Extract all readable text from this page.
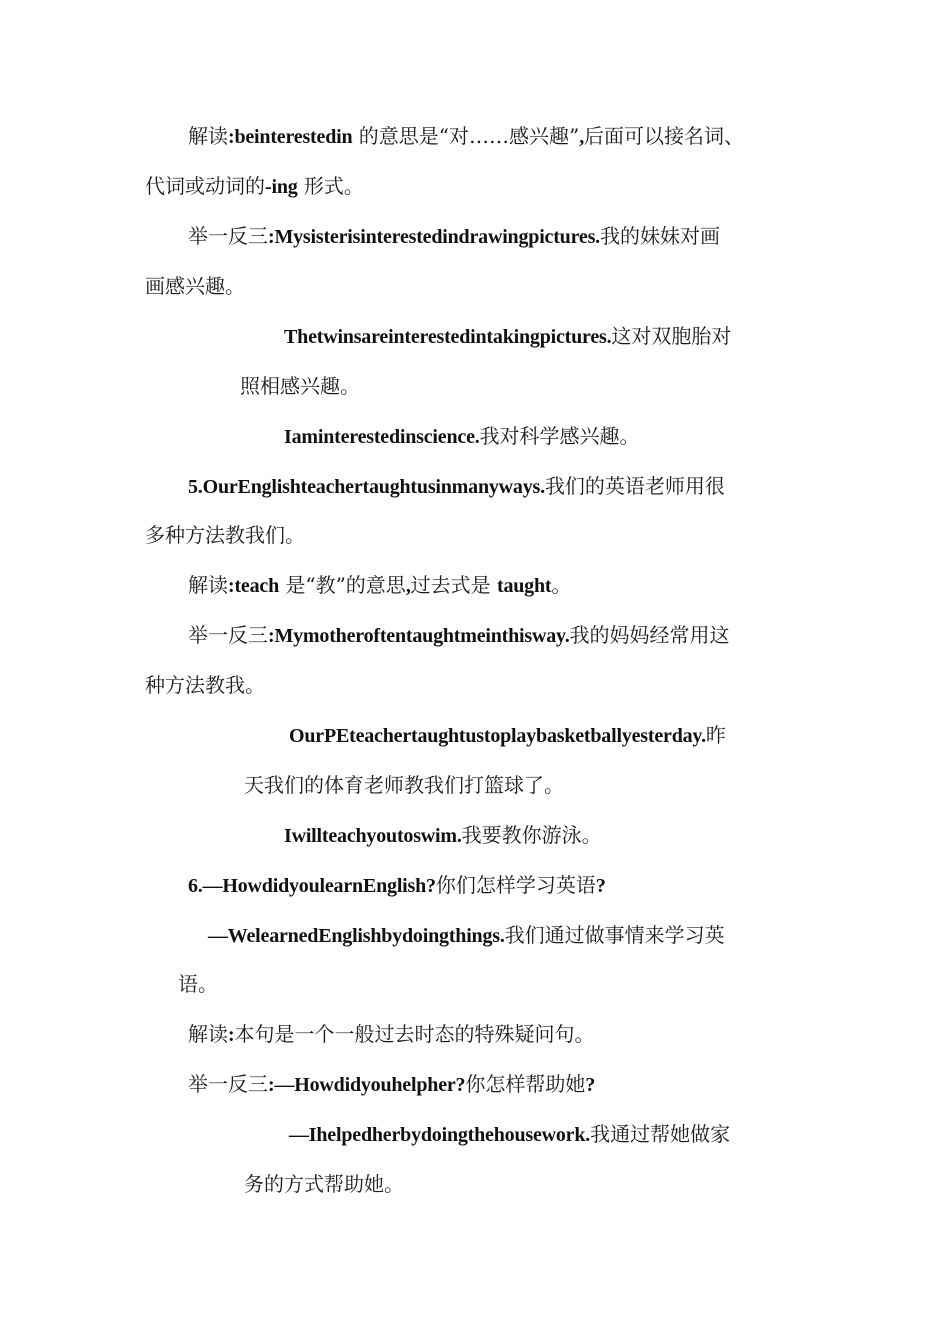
解读:beinterestedin 的意思是“对……感兴趣”,后面可以接名词、
代词或动词的-ing 形式。
举一反三:Mysisterisinterestedindrawingpictures.我的妹妹对画
画感兴趣。
Thetwinsareinterestedintakingpictures.这对双胞胎对
照相感兴趣。
Iaminterestedinscience.我对科学感兴趣。
5.OurEnglishteachertaughtusinmanyways.我们的英语老师用很
多种方法教我们。
解读:teach 是“教”的意思,过去式是 taught。
举一反三:Mymotheroftentaughtmeinthisway.我的妈妈经常用这
种方法教我。
OurPEteachertaughtustoplaybasketballyesterday.昨
天我们的体育老师教我们打篮球了。
Iwillteachyoutoswim.我要教你游泳。
6.—HowdidyoulearnEnglish?你们怎样学习英语?
—WelearnedEnglishbydoingthings.我们通过做事情来学习英
语。
解读:本句是一个一般过去时态的特殊疑问句。
举一反三:—Howdidyouhelpher?你怎样帮助她?
—Ihelpedherbydoingthehousework.我通过帮她做家
务的方式帮助她。
